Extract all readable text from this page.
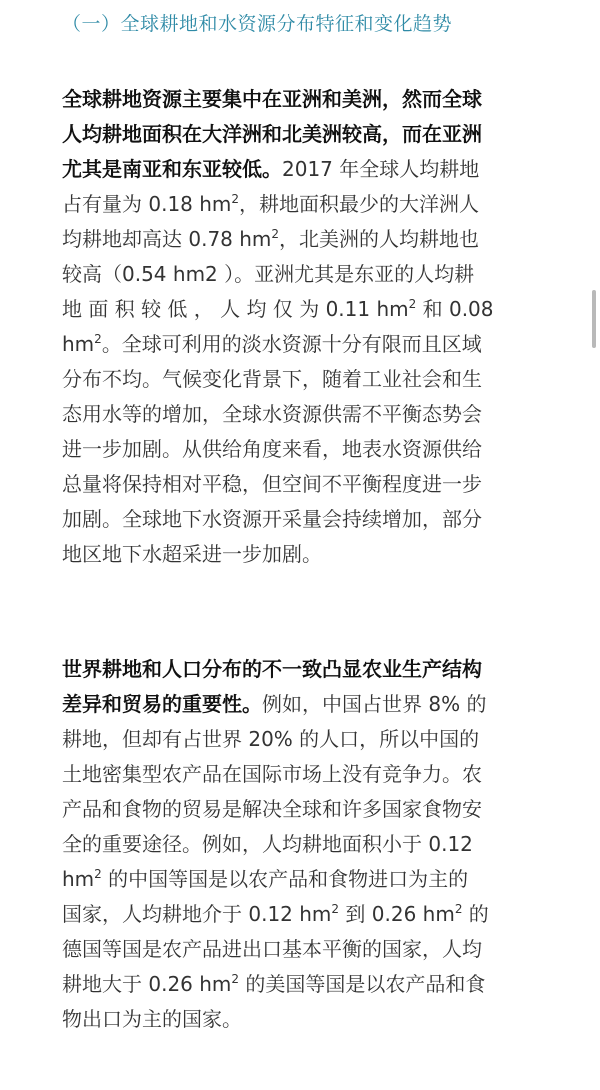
（一）全球耕地和水资源分布特征和变化趋势
全球耕地资源主要集中在亚洲和美洲，然而全球
人均耕地面积在大洋洲和北美洲较高，而在亚洲
尤其是南亚和东亚较低。2017 年全球人均耕地
占有量为 0.18 $hm^2$，耕地面积最少的大洋洲人
均耕地却高达 0.78 $hm^2$，北美洲的人均耕地也
较高（0.54 hm2 ）。亚洲尤其是东亚的人均耕
地 面 积 较 低 ， 人 均 仅 为 0.11 $hm^2$ 和 0.08
$hm^2$。全球可利用的淡水资源十分有限而且区域
分布不均。气候变化背景下，随着工业社会和生
态用水等的增加，全球水资源供需不平衡态势会
进一步加剧。从供给角度来看，地表水资源供给
总量将保持相对平稳，但空间不平衡程度进一步
加剧。全球地下水资源开采量会持续增加，部分
地区地下水超采进一步加剧。
世界耕地和人口分布的不一致凸显农业生产结构
差异和贸易的重要性。例如，中国占世界 8% 的
耕地，但却有占世界 20% 的人口，所以中国的
土地密集型农产品在国际市场上没有竞争力。农
产品和食物的贸易是解决全球和许多国家食物安
全的重要途径。例如，人均耕地面积小于 0.12
$hm^2$ 的中国等国是以农产品和食物进口为主的
国家，人均耕地介于 0.12 $hm^2$ 到 0.26 $hm^2$ 的
德国等国是农产品进出口基本平衡的国家，人均
耕地大于 0.26 $hm^2$ 的美国等国是以农产品和食
物出口为主的国家。
